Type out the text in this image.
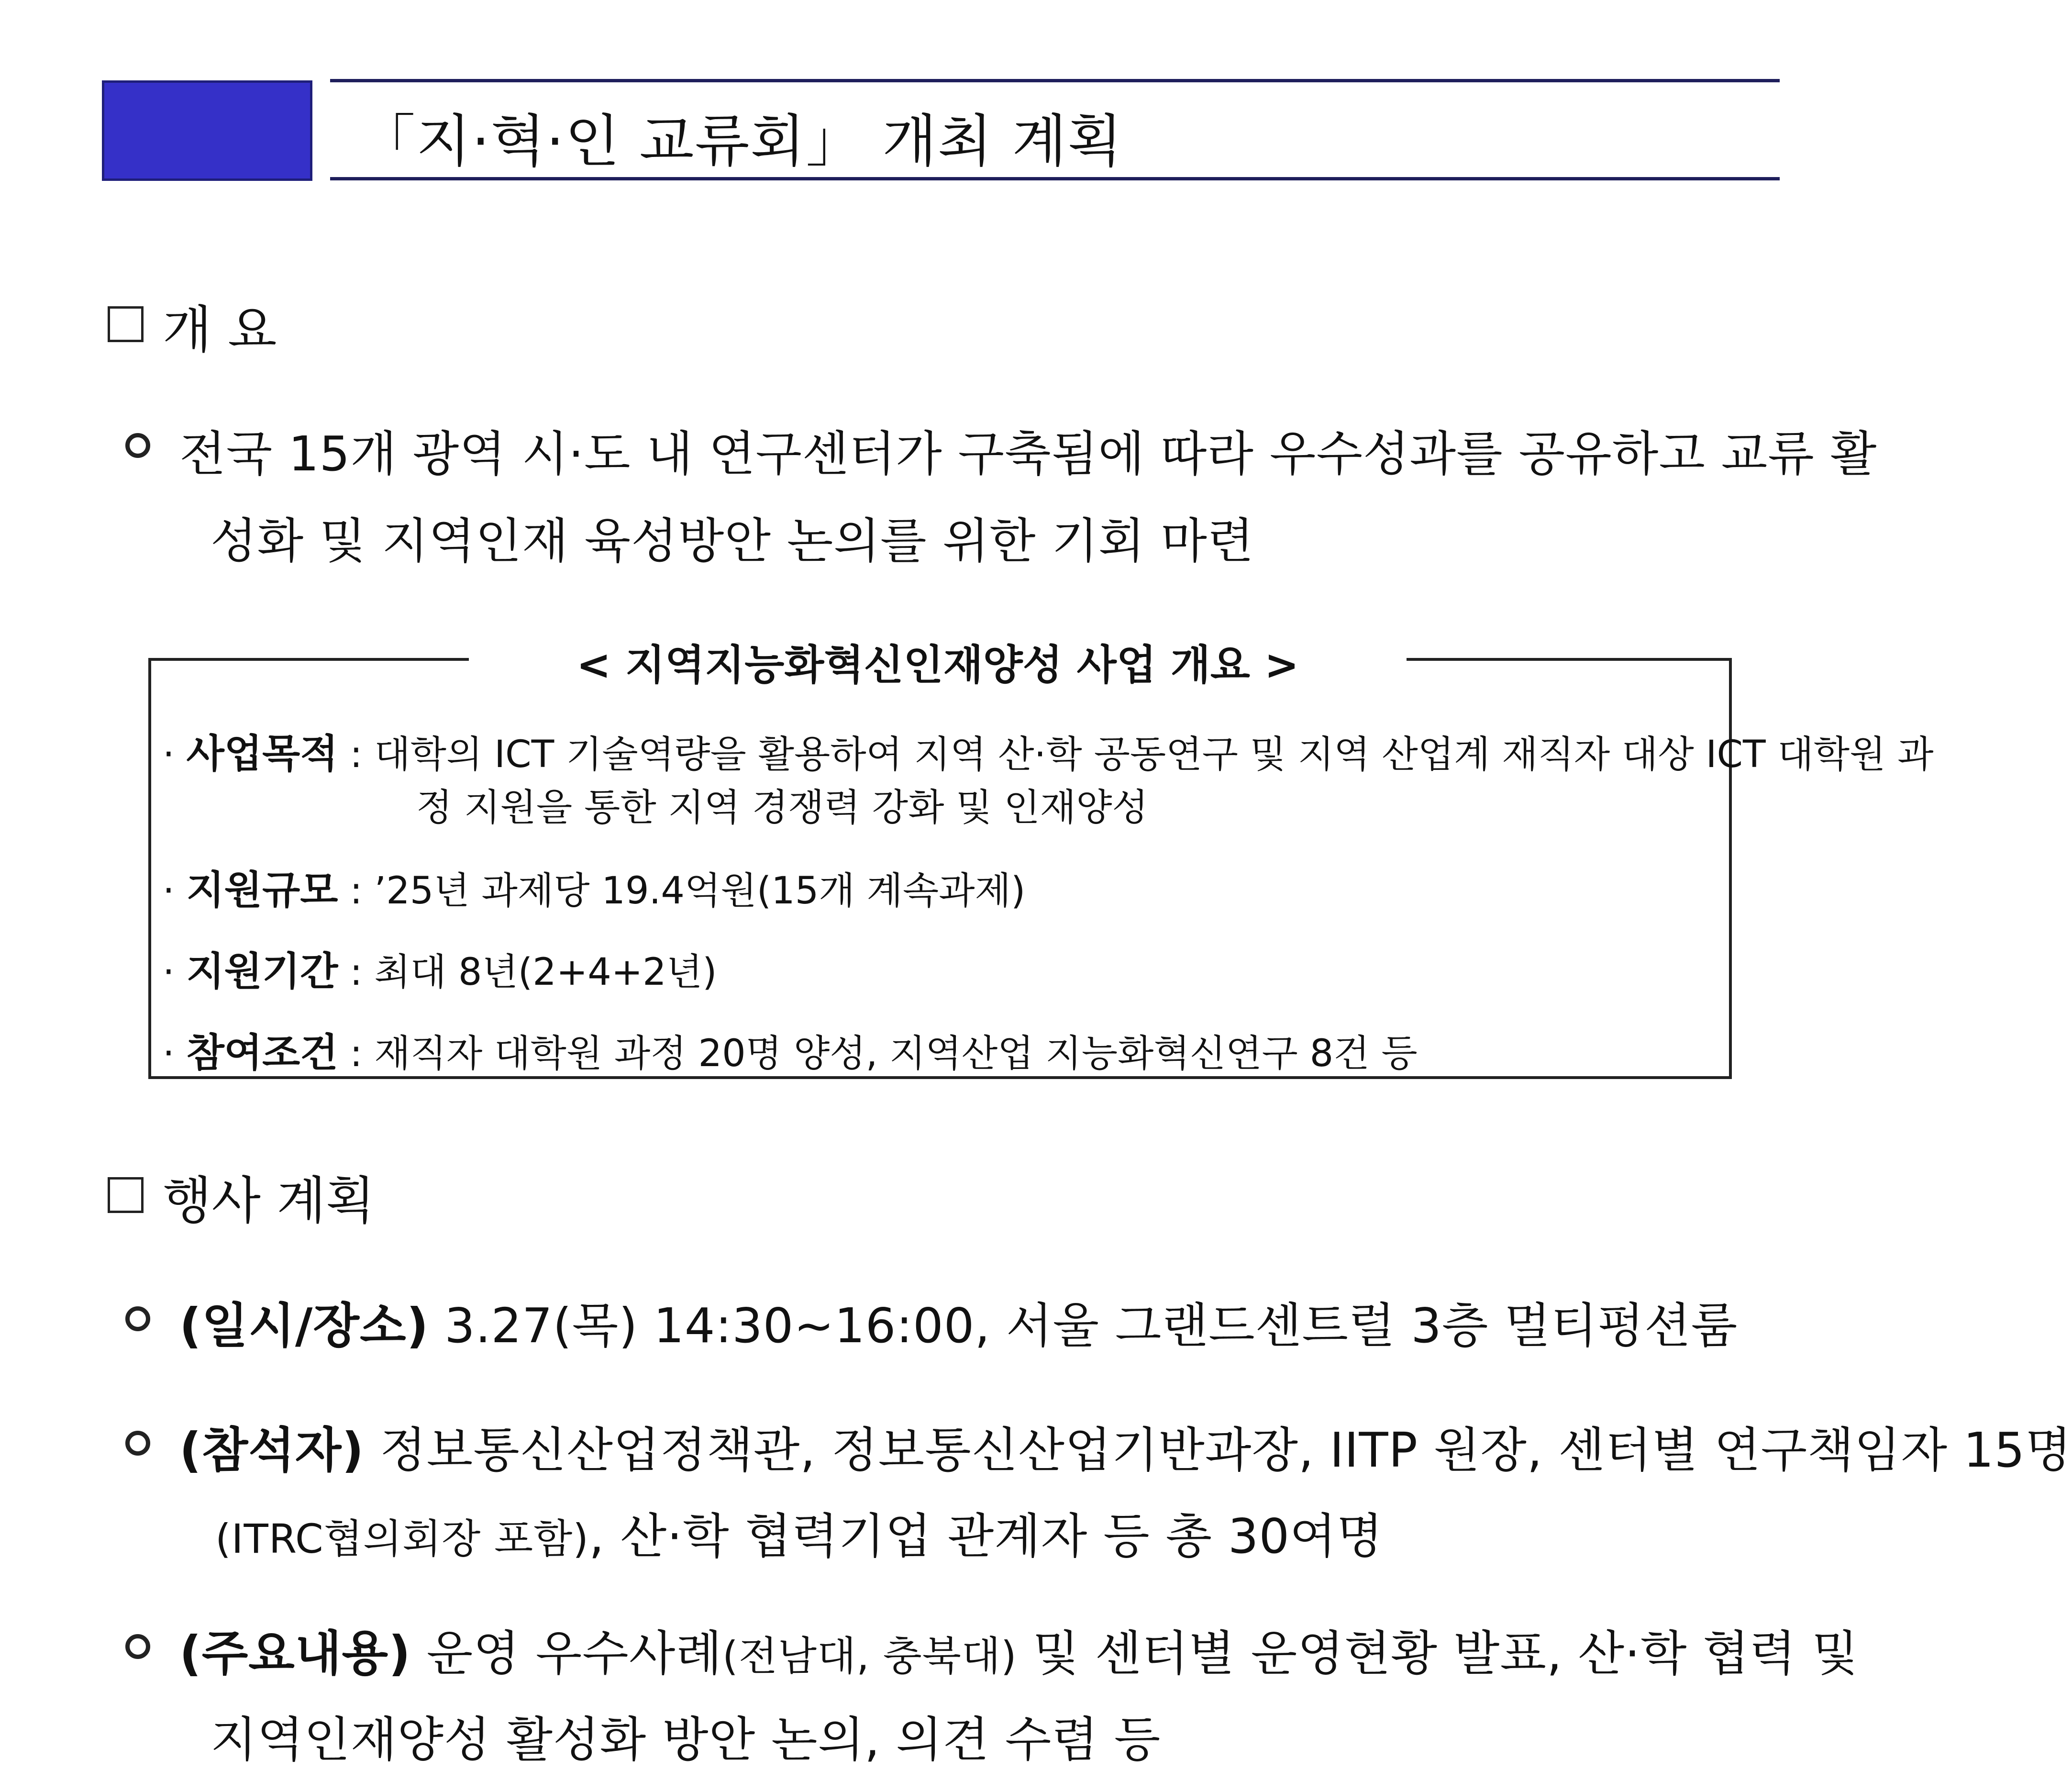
「지·혁·인 교류회」 개최 계획
개 요
전국 15개 광역 시·도 내 연구센터가 구축됨에 따라 우수성과를 공유하고 교류 활
성화 및 지역인재 육성방안 논의를 위한 기회 마련
< 지역지능화혁신인재양성 사업 개요 >
· 사업목적 : 대학의 ICT 기술역량을 활용하여 지역 산·학 공동연구 및 지역 산업계 재직자 대상 ICT 대학원 과
정 지원을 통한 지역 경쟁력 강화 및 인재양성
· 지원규모 : ’25년 과제당 19.4억원(15개 계속과제)
· 지원기간 : 최대 8년(2+4+2년)
· 참여조건 : 재직자 대학원 과정 20명 양성, 지역산업 지능화혁신연구 8건 등
행사 계획
(일시/장소) 3.27(목) 14:30~16:00, 서울 그랜드센트럴 3층 멀티펑션룸
(참석자) 정보통신산업정책관, 정보통신산업기반과장, IITP 원장, 센터별 연구책임자 15명
(ITRC협의회장 포함), 산·학 협력기업 관계자 등 총 30여명
(주요내용) 운영 우수사례(전남대, 충북대) 및 센터별 운영현황 발표, 산·학 협력 및
지역인재양성 활성화 방안 논의, 의견 수렴 등
